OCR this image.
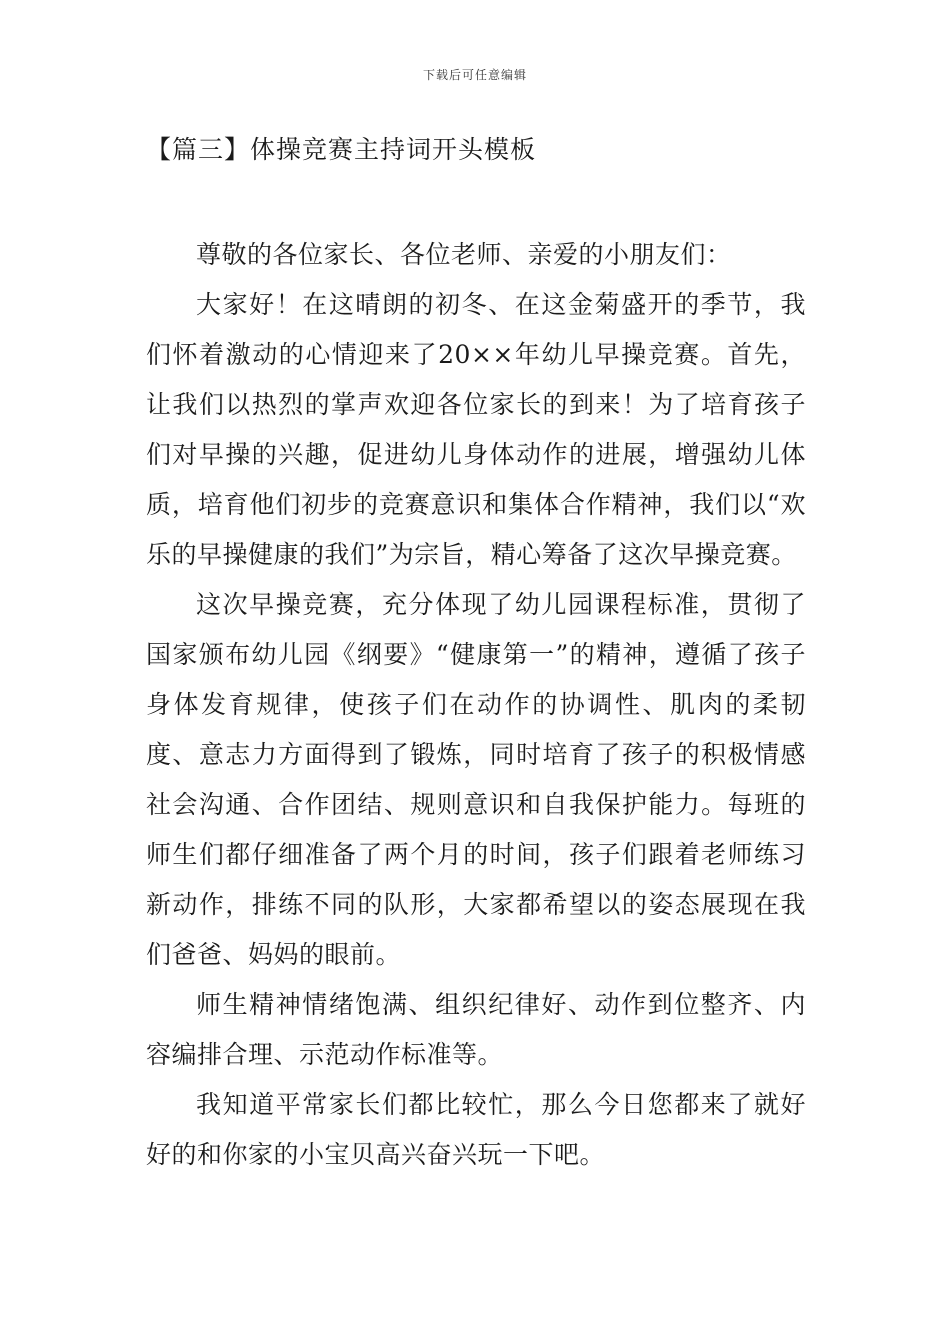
下载后可任意编辑
【篇三】体操竞赛主持词开头模板

尊敬的各位家长、各位老师、亲爱的小朋友们：

大家好！在这晴朗的初冬、在这金菊盛开的季节，我们怀着激动的心情迎来了20××年幼儿早操竞赛。首先，让我们以热烈的掌声欢迎各位家长的到来！为了培育孩子们对早操的兴趣，促进幼儿身体动作的进展，增强幼儿体质，培育他们初步的竞赛意识和集体合作精神，我们以“欢乐的早操健康的我们”为宗旨，精心筹备了这次早操竞赛。

这次早操竞赛，充分体现了幼儿园课程标准，贯彻了国家颁布幼儿园《纲要》“健康第一”的精神，遵循了孩子身体发育规律，使孩子们在动作的协调性、肌肉的柔韧度、意志力方面得到了锻炼，同时培育了孩子的积极情感社会沟通、合作团结、规则意识和自我保护能力。每班的师生们都仔细准备了两个月的时间，孩子们跟着老师练习新动作，排练不同的队形，大家都希望以的姿态展现在我们爸爸、妈妈的眼前。

师生精神情绪饱满、组织纪律好、动作到位整齐、内容编排合理、示范动作标准等。

我知道平常家长们都比较忙，那么今日您都来了就好好的和你家的小宝贝高兴奋兴玩一下吧。
